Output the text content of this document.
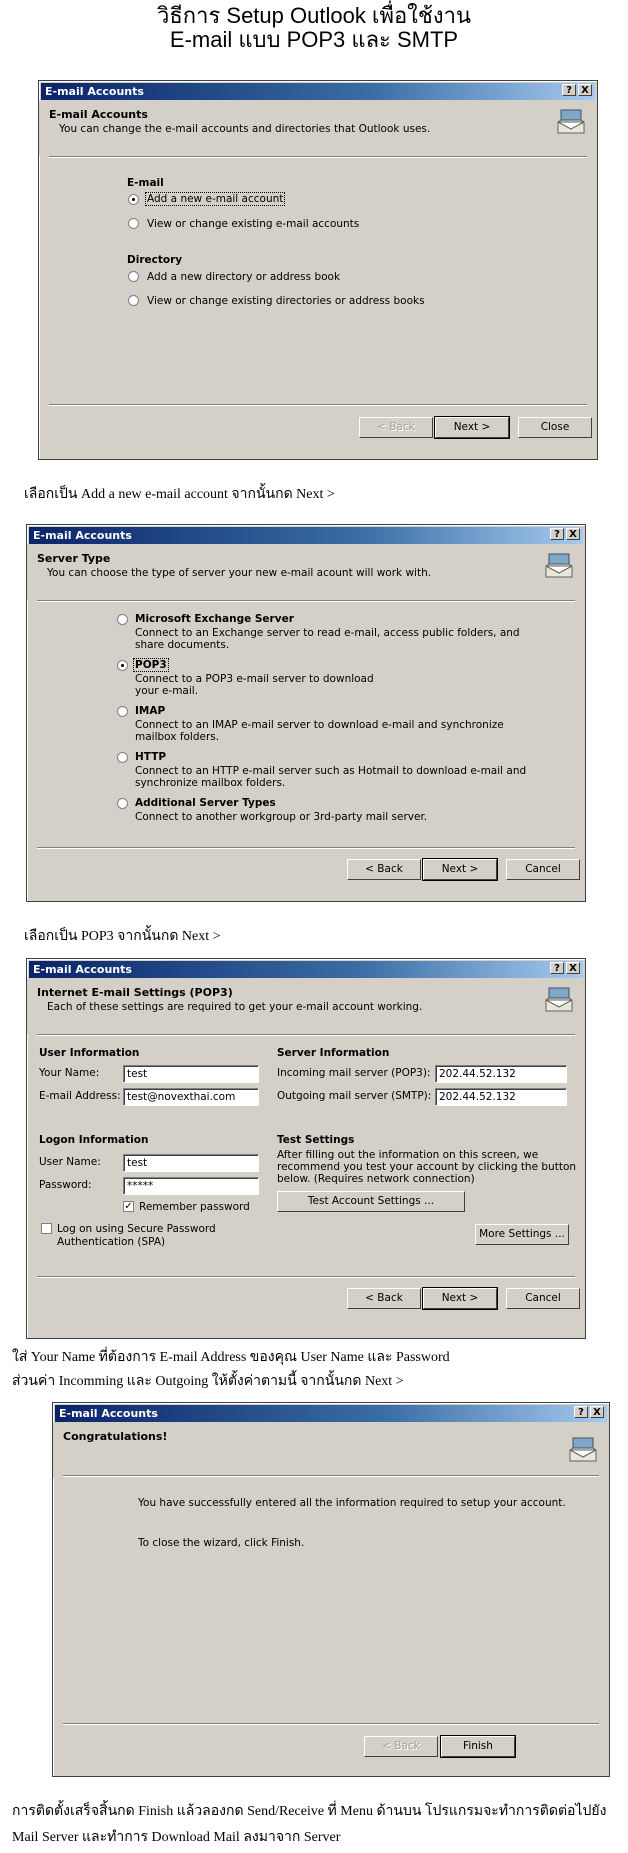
วิธีการ Setup Outlook เพื่อใช้งาน
E-mail แบบ POP3 และ SMTP
E-mail Accounts	? X
E-mail Accounts
You can change the e-mail accounts and directories that Outlook uses.
E-mail
Add a new e-mail account
View or change existing e-mail accounts
Directory
Add a new directory or address book
View or change existing directories or address books
< Back	Next >	Close
เลือกเป็น Add a new e-mail account จากนั้นกด Next >
E-mail Accounts	? X
Server Type
You can choose the type of server your new e-mail acount will work with.
Microsoft Exchange Server
Connect to an Exchange server to read e-mail, access public folders, and
share documents.
POP3
Connect to a POP3 e-mail server to download
your e-mail.
IMAP
Connect to an IMAP e-mail server to download e-mail and synchronize
mailbox folders.
HTTP
Connect to an HTTP e-mail server such as Hotmail to download e-mail and
synchronize mailbox folders.
Additional Server Types
Connect to another workgroup or 3rd-party mail server.
< Back	Next >	Cancel
เลือกเป็น POP3 จากนั้นกด Next >
E-mail Accounts	? X
Internet E-mail Settings (POP3)
Each of these settings are required to get your e-mail account working.
User Information
Your Name:	test
E-mail Address: test@novexthai.com
Logon Information
User Name:	test
Password:	*****
✓ Remember password
Log on using Secure Password
Authentication (SPA)
Server Information
Incoming mail server (POP3): 202.44.52.132
Outgoing mail server (SMTP): 202.44.52.132
Test Settings
After filling out the information on this screen, we
recommend you test your account by clicking the button
below. (Requires network connection)
Test Account Settings ...
More Settings ...
< Back	Next >	Cancel
ใส่ Your Name ที่ต้องการ E-mail Address ของคุณ User Name และ Password
ส่วนค่า Incomming และ Outgoing ให้ตั้งค่าตามนี้ จากนั้นกด Next >
E-mail Accounts	? X
Congratulations!
You have successfully entered all the information required to setup your account.
To close the wizard, click Finish.
< Back	Finish
การติดตั้งเสร็จสิ้นกด Finish แล้วลองกด Send/Receive ที่ Menu ด้านบน โปรแกรมจะทำการติดต่อไปยัง
Mail Server และทำการ Download Mail ลงมาจาก Server
